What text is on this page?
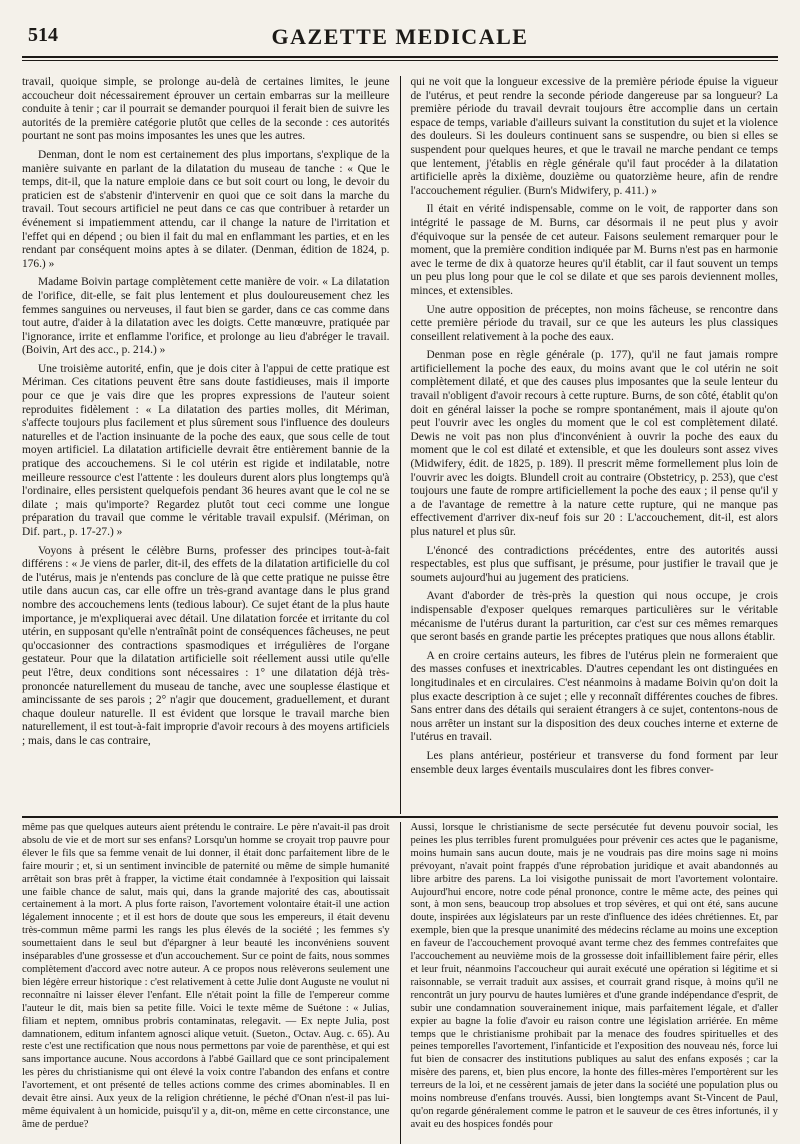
514	GAZETTE MEDICALE

travail, quoique simple, se prolonge au-delà de certaines limites, le jeune accoucheur doit nécessairement éprouver un certain embarras sur la meilleure conduite à tenir ; car il pourrait se demander pourquoi il ferait bien de suivre les autorités de la première catégorie plutôt que celles de la seconde : ces autorités pourtant ne sont pas moins imposantes les unes que les autres.

Denman, dont le nom est certainement des plus importans, s'explique de la manière suivante en parlant de la dilatation du museau de tanche : « Que le temps, dit-il, que la nature emploie dans ce but soit court ou long, le devoir du praticien est de s'abstenir d'intervenir en quoi que ce soit dans la marche du travail. Tout secours artificiel ne peut dans ce cas que contribuer à retarder un événement si impatiemment attendu, car il change la nature de l'irritation et l'effet qui en dépend ; ou bien il fait du mal en enflammant les parties, et en les rendant par conséquent moins aptes à se dilater. (Denman, édition de 1824, p. 176.) »

Madame Boivin partage complètement cette manière de voir. « La dilatation de l'orifice, dit-elle, se fait plus lentement et plus douloureusement chez les femmes sanguines ou nerveuses, il faut bien se garder, dans ce cas comme dans tout autre, d'aider à la dilatation avec les doigts. Cette manœuvre, pratiquée par l'ignorance, irrite et enflamme l'orifice, et prolonge au lieu d'abréger le travail. (Boivin, Art des acc., p. 214.) »

Une troisième autorité, enfin, que je dois citer à l'appui de cette pratique est Mériman. Ces citations peuvent être sans doute fastidieuses, mais il importe pour ce que je vais dire que les propres expressions de l'auteur soient reproduites fidèlement : « La dilatation des parties molles, dit Mériman, s'affecte toujours plus facilement et plus sûrement sous l'influence des douleurs naturelles et de l'action insinuante de la poche des eaux, que sous celle de tout moyen artificiel. La dilatation artificielle devrait être entièrement bannie de la pratique des accouchemens. Si le col utérin est rigide et indilatable, notre meilleure ressource c'est l'attente : les douleurs durent alors plus longtemps qu'à l'ordinaire, elles persistent quelquefois pendant 36 heures avant que le col ne se dilate ; mais qu'importe? Regardez plutôt tout ceci comme une longue préparation du travail que comme le véritable travail expulsif. (Mériman, on Dif. part., p. 17-27.) »

Voyons à présent le célèbre Burns, professer des principes tout-à-fait différens : « Je viens de parler, dit-il, des effets de la dilatation artificielle du col de l'utérus, mais je n'entends pas conclure de là que cette pratique ne puisse être utile dans aucun cas, car elle offre un très-grand avantage dans le plus grand nombre des accouchemens lents (tedious labour). Ce sujet étant de la plus haute importance, je m'expliquerai avec détail. Une dilatation forcée et irritante du col utérin, en supposant qu'elle n'entraînât point de conséquences fâcheuses, ne peut qu'occasionner des contractions spasmodiques et irrégulières de l'organe gestateur. Pour que la dilatation artificielle soit réellement aussi utile qu'elle peut l'être, deux conditions sont nécessaires : 1° une dilatation déjà très-prononcée naturellement du museau de tanche, avec une souplesse élastique et amincissante de ses parois ; 2° n'agir que doucement, graduellement, et durant chaque douleur naturelle. Il est évident que lorsque le travail marche bien naturellement, il est tout-à-fait improprie d'avoir recours à des moyens artificiels ; mais, dans le cas contraire,

qui ne voit que la longueur excessive de la première période épuise la vigueur de l'utérus, et peut rendre la seconde période dangereuse par sa longueur? La première période du travail devrait toujours être accomplie dans un certain espace de temps, variable d'ailleurs suivant la constitution du sujet et la violence des douleurs. Si les douleurs continuent sans se suspendre, ou bien si elles se suspendent pour quelques heures, et que le travail ne marche pendant ce temps que lentement, j'établis en règle générale qu'il faut procéder à la dilatation artificielle après la dixième, douzième ou quatorzième heure, afin de rendre l'accouchement régulier. (Burn's Midwifery, p. 411.) »

Il était en vérité indispensable, comme on le voit, de rapporter dans son intégrité le passage de M. Burns, car désormais il ne peut plus y avoir d'équivoque sur la pensée de cet auteur. Faisons seulement remarquer pour le moment, que la première condition indiquée par M. Burns n'est pas en harmonie avec le terme de dix à quatorze heures qu'il établit, car il faut souvent un temps un peu plus long pour que le col se dilate et que ses parois deviennent molles, minces, et extensibles.

Une autre opposition de préceptes, non moins fâcheuse, se rencontre dans cette première période du travail, sur ce que les auteurs les plus classiques conseillent relativement à la poche des eaux.

Denman pose en règle générale (p. 177), qu'il ne faut jamais rompre artificiellement la poche des eaux, du moins avant que le col utérin ne soit complètement dilaté, et que des causes plus imposantes que la seule lenteur du travail n'obligent d'avoir recours à cette rupture. Burns, de son côté, établit qu'on doit en général laisser la poche se rompre spontanément, mais il ajoute qu'on peut l'ouvrir avec les ongles du moment que le col est complètement dilaté. Dewis ne voit pas non plus d'inconvénient à ouvrir la poche des eaux du moment que le col est dilaté et extensible, et que les douleurs sont assez vives (Midwifery, édit. de 1825, p. 189). Il prescrit même formellement plus loin de l'ouvrir avec les doigts. Blundell croit au contraire (Obstetricy, p. 253), que c'est toujours une faute de rompre artificiellement la poche des eaux ; il pense qu'il y a de l'avantage de remettre à la nature cette rupture, qui ne manque pas effectivement d'arriver dix-neuf fois sur 20 : L'accouchement, dit-il, est alors plus naturel et plus sûr.

L'énoncé des contradictions précédentes, entre des autorités aussi respectables, est plus que suffisant, je présume, pour justifier le travail que je soumets aujourd'hui au jugement des praticiens.

Avant d'aborder de très-près la question qui nous occupe, je crois indispensable d'exposer quelques remarques particulières sur le véritable mécanisme de l'utérus durant la parturition, car c'est sur ces mêmes remarques que seront basés en grande partie les préceptes pratiques que nous allons établir.

A en croire certains auteurs, les fibres de l'utérus plein ne formeraient que des masses confuses et inextricables. D'autres cependant les ont distinguées en longitudinales et en circulaires. C'est néanmoins à madame Boivin qu'on doit la plus exacte description à ce sujet ; elle y reconnaît différentes couches de fibres. Sans entrer dans des détails qui seraient étrangers à ce sujet, contentons-nous de nous arrêter un instant sur la disposition des deux couches interne et externe de l'utérus en travail.

Les plans antérieur, postérieur et transverse du fond forment par leur ensemble deux larges éventails musculaires dont les fibres conver-

même pas que quelques auteurs aient prétendu le contraire. Le père n'avait-il pas droit absolu de vie et de mort sur ses enfans? Lorsqu'un homme se croyait trop pauvre pour élever le fils que sa femme venait de lui donner, il était donc parfaitement libre de le faire mourir ; et, si un sentiment invincible de paternité ou même de simple humanité arrêtait son bras prêt à frapper, la victime était condamnée à l'exposition qui laissait une faible chance de salut, mais qui, dans la grande majorité des cas, aboutissait certainement à la mort. A plus forte raison, l'avortement volontaire était-il une action légalement innocente ; et il est hors de doute que sous les empereurs, il était devenu très-commun même parmi les rangs les plus élevés de la société ; les femmes s'y soumettaient dans le seul but d'épargner à leur beauté les inconvéniens souvent inséparables d'une grossesse et d'un accouchement. Sur ce point de faits, nous sommes complètement d'accord avec notre auteur. A ce propos nous relèverons seulement une bien légère erreur historique : c'est relativement à cette Julie dont Auguste ne voulut ni reconnaître ni laisser élever l'enfant. Elle n'était point la fille de l'empereur comme l'auteur le dit, mais bien sa petite fille. Voici le texte même de Suétone : « Julias, filiam et neptem, omnibus probris contaminatas, relegavit. — Ex nepte Julia, post damnationem, editum infantem agnosci alique vetuit. (Sueton., Octav. Aug. c. 65). Au reste c'est une rectification que nous nous permettons par voie de parenthèse, et qui est sans importance aucune. Nous accordons à l'abbé Gaillard que ce sont principalement les pères du christianisme qui ont élevé la voix contre l'abandon des enfans et contre l'avortement, et ont présenté de telles actions comme des crimes abominables. Il en devait être ainsi. Aux yeux de la religion chrétienne, le péché d'Onan n'est-il pas lui-même équivalent à un homicide, puisqu'il y a, dit-on, même en cette circonstance, une âme de perdue?

Aussi, lorsque le christianisme de secte persécutée fut devenu pouvoir social, les peines les plus terribles furent promulguées pour prévenir ces actes que le paganisme, moins humain sans aucun doute, mais je ne voudrais pas dire moins sage ni moins prévoyant, n'avait point frappés d'une réprobation juridique et avait abandonnés au libre arbitre des parens. La loi visigothe punissait de mort l'avortement volontaire. Aujourd'hui encore, notre code pénal prononce, contre le même acte, des peines qui sont, à mon sens, beaucoup trop absolues et trop sévères, et qui ont été, sans aucune doute, inspirées aux législateurs par un reste d'influence des idées chrétiennes. Et, par exemple, bien que la presque unanimité des médecins réclame au moins une exception en faveur de l'accouchement provoqué avant terme chez des femmes contrefaites que l'accouchement au neuvième mois de la grossesse doit infailliblement faire périr, elles et leur fruit, néanmoins l'accoucheur qui aurait exécuté une opération si légitime et si raisonnable, se verrait traduit aux assises, et courrait grand risque, à moins qu'il ne rencontrât un jury pourvu de hautes lumières et d'une grande indépendance d'esprit, de subir une condamnation souverainement inique, mais parfaitement légale, et d'aller expier au bagne la folie d'avoir eu raison contre une législation arriérée. En même temps que le christianisme prohibait par la menace des foudres spirituelles et des peines temporelles l'avortement, l'infanticide et l'exposition des nouveau nés, force lui fut bien de consacrer des institutions publiques au salut des enfans exposés ; car la misère des parens, et, bien plus encore, la honte des filles-mères l'emportèrent sur les terreurs de la loi, et ne cessèrent jamais de jeter dans la société une population plus ou moins nombreuse d'enfans trouvés. Aussi, bien longtemps avant St-Vincent de Paul, qu'on regarde généralement comme le patron et le sauveur de ces êtres infortunés, il y avait eu des hospices fondés pour
